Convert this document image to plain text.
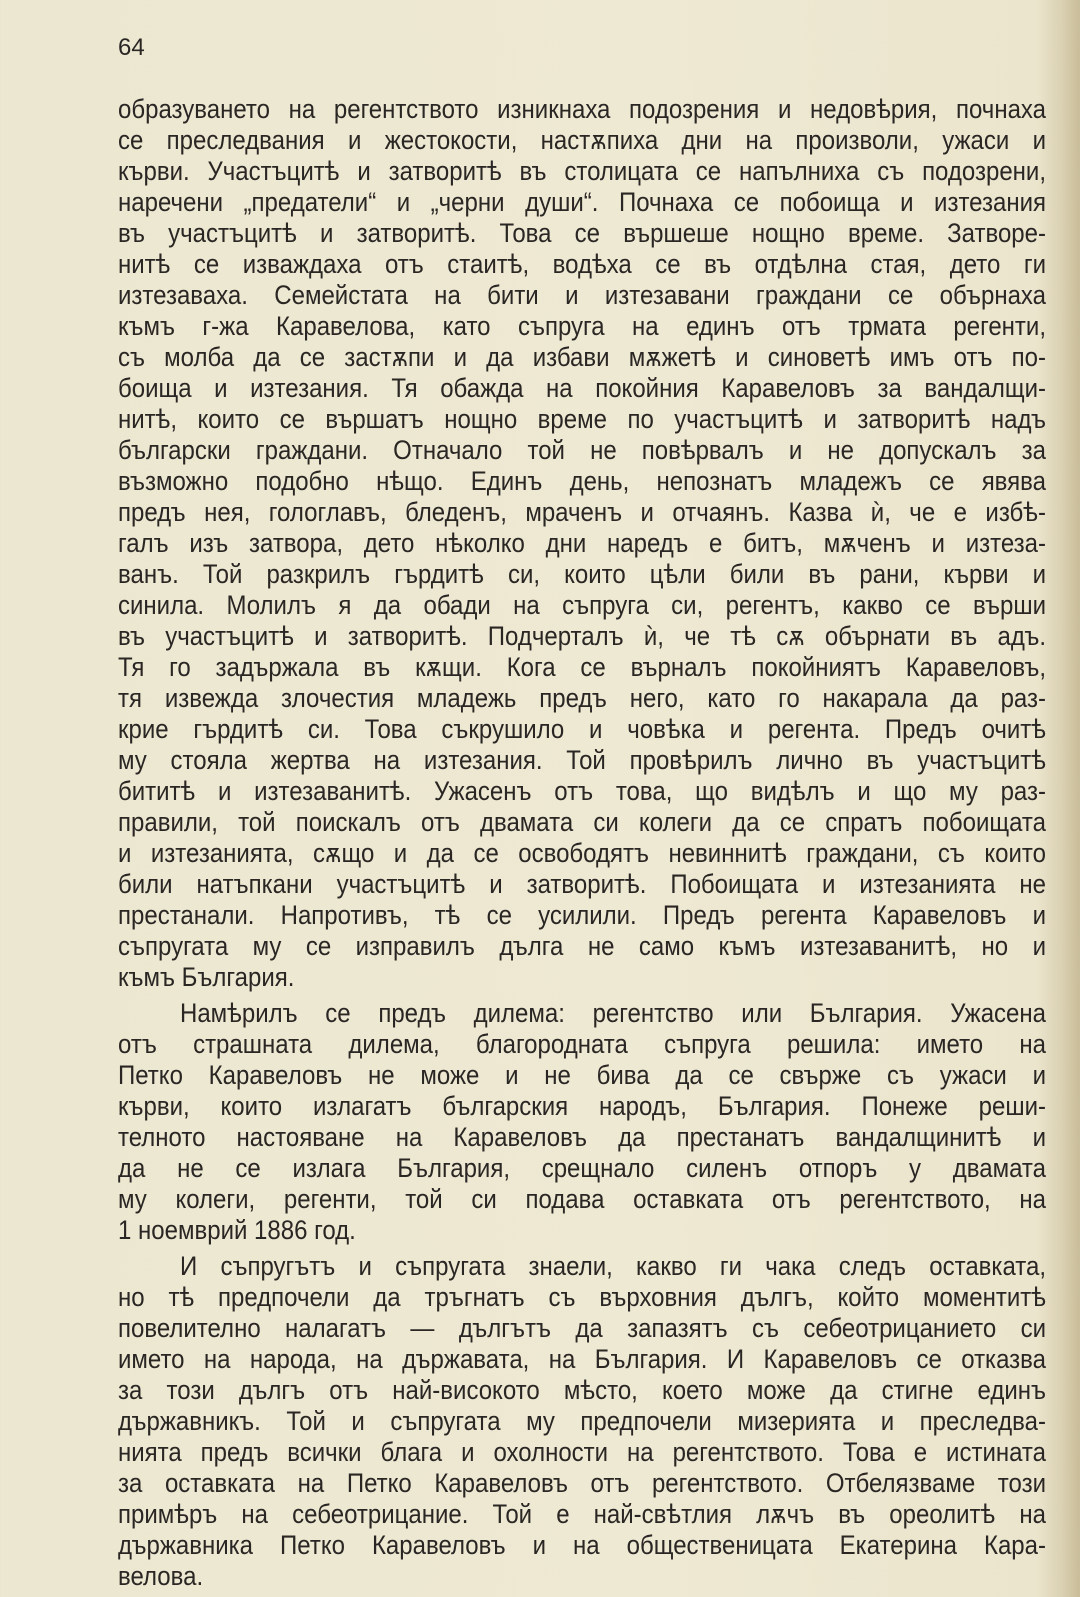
64
образуването на регентството изникнаха подозрения и недовѣрия, почнаха
се преследвания и жестокости, настѫпиха дни на произволи, ужаси и
кърви. Участъцитѣ и затворитѣ въ столицата се напълниха съ подозрени,
наречени „предатели“ и „черни души“. Почнаха се побоища и изтезания
въ участъцитѣ и затворитѣ. Това се вършеше нощно време. Затворе-
нитѣ се изваждаха отъ стаитѣ, водѣха се въ отдѣлна стая, дето ги
изтезаваха. Семейстата на бити и изтезавани граждани се обърнаха
къмъ г-жа Каравелова, като съпруга на единъ отъ трмата регенти,
съ молба да се застѫпи и да избави мѫжетѣ и синоветѣ имъ отъ по-
боища и изтезания. Тя обажда на покойния Каравеловъ за вандалщи-
нитѣ, които се вършатъ нощно време по участъцитѣ и затворитѣ надъ
български граждани. Отначало той не повѣрвалъ и не допускалъ за
възможно подобно нѣщо. Единъ день, непознатъ младежъ се явява
предъ нея, гологлавъ, бледенъ, мраченъ и отчаянъ. Казва ѝ, че е избѣ-
галъ изъ затвора, дето нѣколко дни наредъ е битъ, мѫченъ и изтеза-
ванъ. Той разкрилъ гърдитѣ си, които цѣли били въ рани, кърви и
синила. Молилъ я да обади на съпруга си, регентъ, какво се върши
въ участъцитѣ и затворитѣ. Подчерталъ ѝ, че тѣ сѫ обърнати въ адъ.
Тя го задържала въ кѫщи. Кога се върналъ покойниятъ Каравеловъ,
тя извежда злочестия младежь предъ него, като го накарала да раз-
крие гърдитѣ си. Това съкрушило и човѣка и регента. Предъ очитѣ
му стояла жертва на изтезания. Той провѣрилъ лично въ участъцитѣ
бититѣ и изтезаванитѣ. Ужасенъ отъ това, що видѣлъ и що му раз-
правили, той поискалъ отъ двамата си колеги да се спратъ побоищата
и изтезанията, сѫщо и да се освободятъ невиннитѣ граждани, съ които
били натъпкани участъцитѣ и затворитѣ. Побоищата и изтезанията не
престанали. Напротивъ, тѣ се усилили. Предъ регента Каравеловъ и
съпругата му се изправилъ дълга не само къмъ изтезаванитѣ, но и
къмъ България.
Намѣрилъ се предъ дилема: регентство или България. Ужасена
отъ страшната дилема, благородната съпруга решила: името на
Петко Каравеловъ не може и не бива да се свърже съ ужаси и
кърви, които излагатъ българския народъ, България. Понеже реши-
телното настояване на Каравеловъ да престанатъ вандалщинитѣ и
да не се излага България, срещнало силенъ отпоръ у двамата
му колеги, регенти, той си подава оставката отъ регентството, на
1 ноемврий 1886 год.
И съпругътъ и съпругата знаели, какво ги чака следъ оставката,
но тѣ предпочели да тръгнатъ съ върховния дългъ, който моментитѣ
повелително налагатъ — дългътъ да запазятъ съ себеотрицанието си
името на народа, на държавата, на България. И Каравеловъ се отказва
за този дългъ отъ най-високото мѣсто, което може да стигне единъ
държавникъ. Той и съпругата му предпочели мизерията и преследва-
нията предъ всички блага и охолности на регентството. Това е истината
за оставката на Петко Каравеловъ отъ регентството. Отбелязваме този
примѣръ на себеотрицание. Той е най-свѣтлия лѫчъ въ ореолитѣ на
държавника Петко Каравеловъ и на общественицата Екатерина Кара-
велова.
